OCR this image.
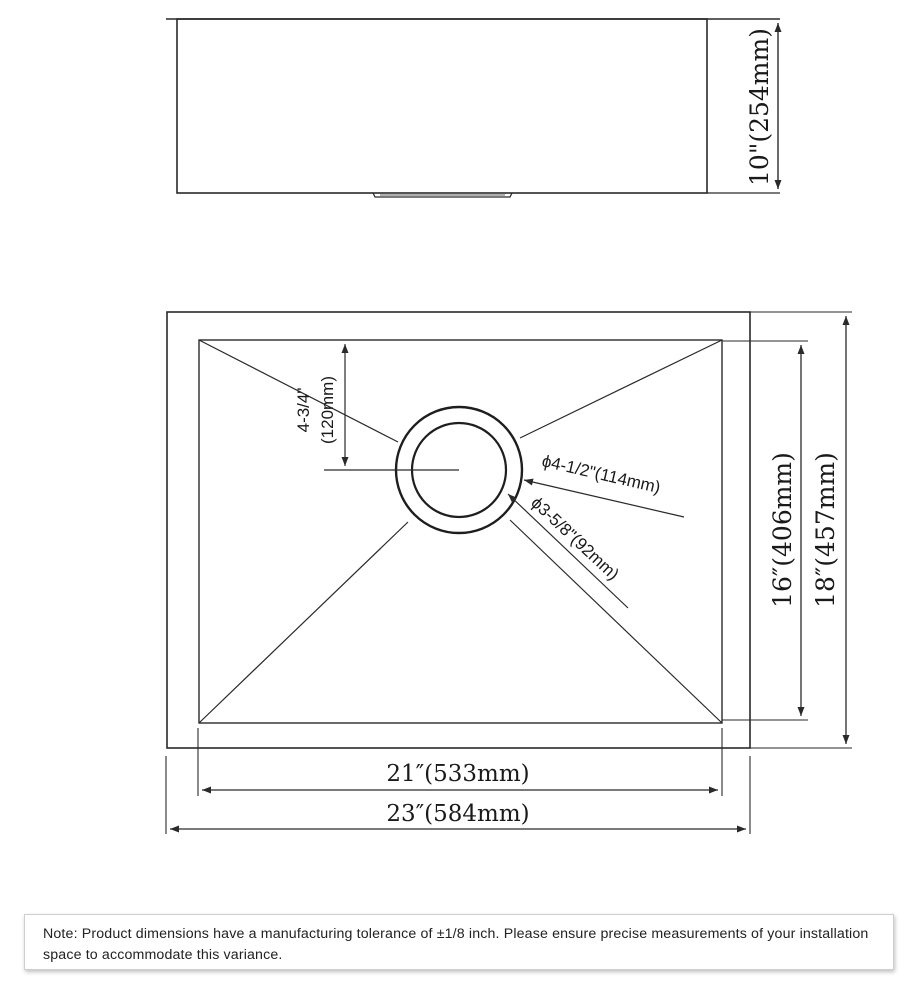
10"(254mm)
4-3/4" (120mm)
ϕ4-1/2"(114mm)
ϕ3-5/8"(92mm)	16″(406mm) 18″(457mm)
21″(533mm)
23″(584mm)

Note: Product dimensions have a manufacturing tolerance of ±1/8 inch. Please ensure precise measurements of your installation space to accommodate this variance.
